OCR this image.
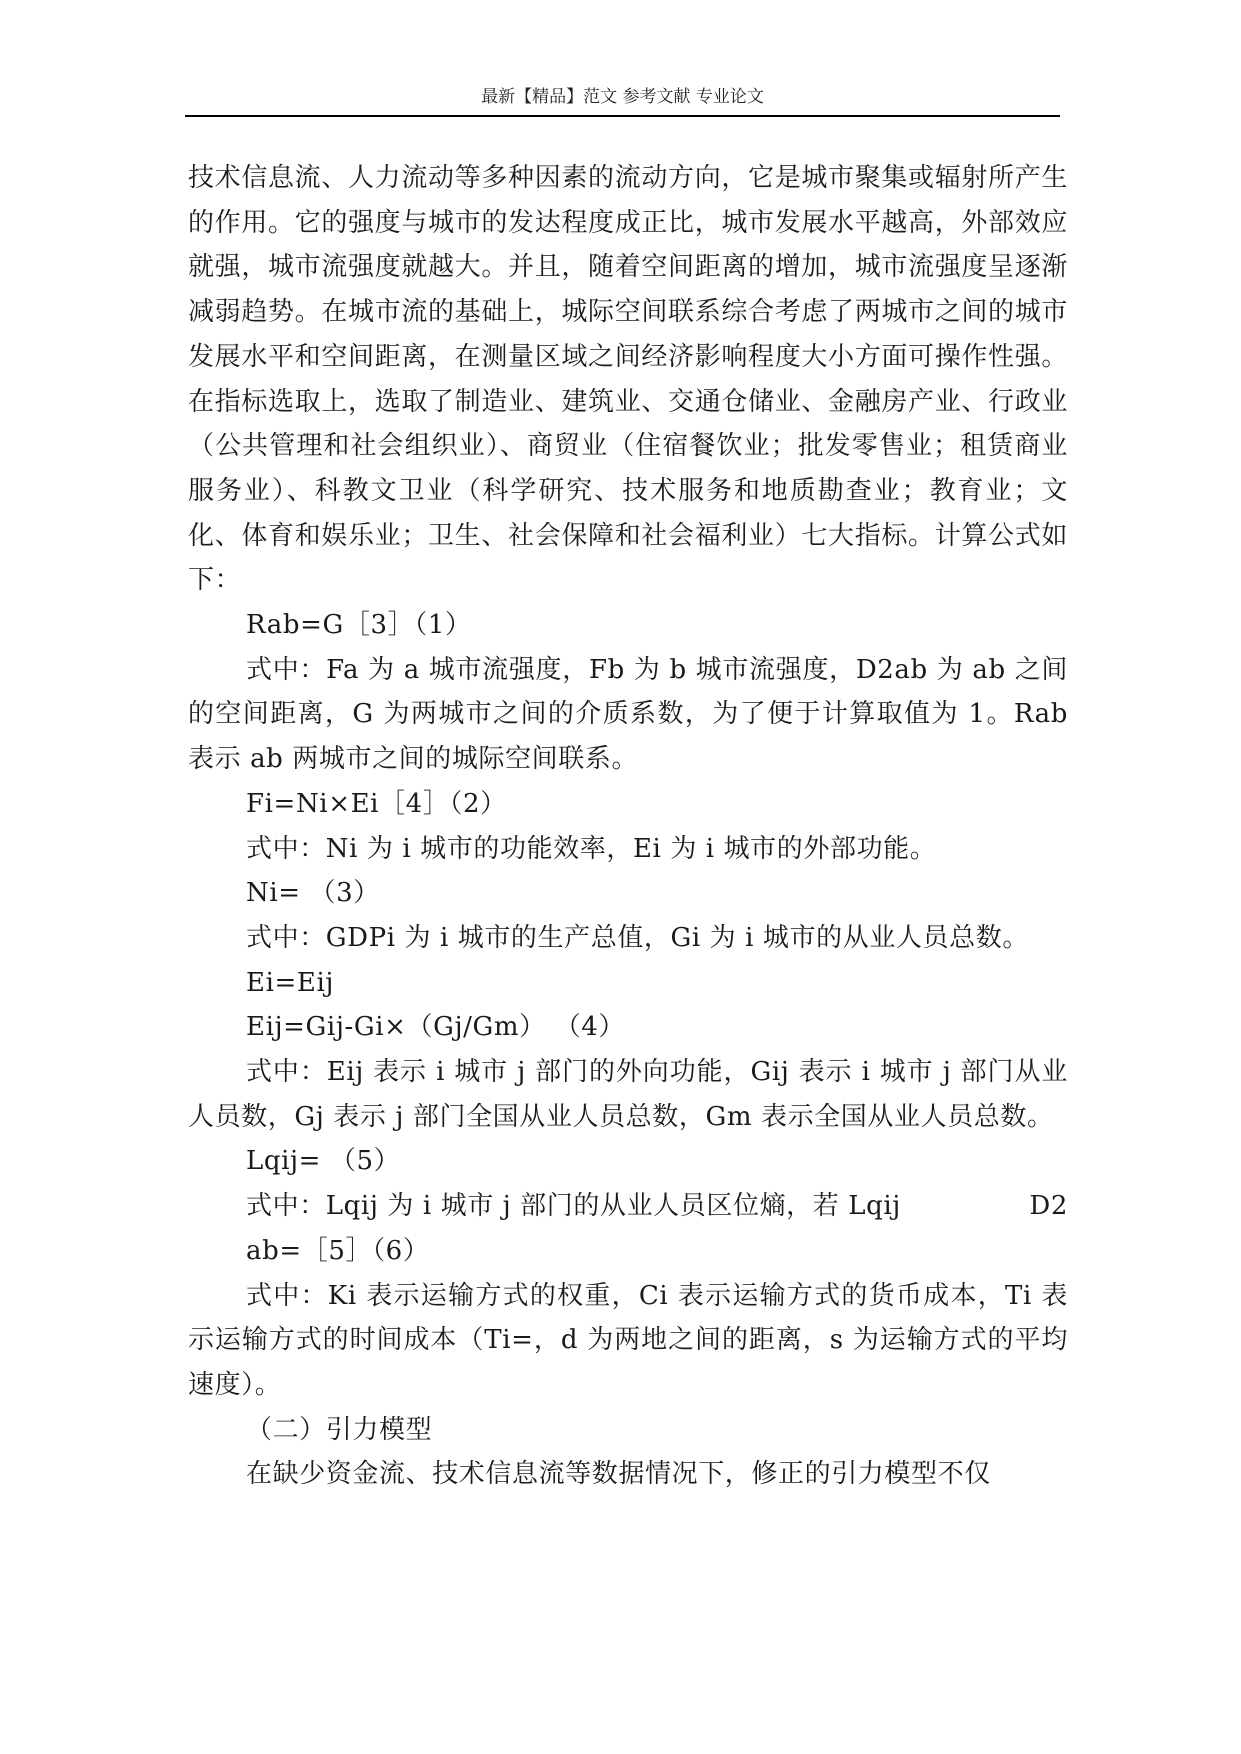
最新【精品】范文 参考文献 专业论文

技术信息流、人力流动等多种因素的流动方向，它是城市聚集或辐射所产生的作用。它的强度与城市的发达程度成正比，城市发展水平越高，外部效应就强，城市流强度就越大。并且，随着空间距离的增加，城市流强度呈逐渐减弱趋势。在城市流的基础上，城际空间联系综合考虑了两城市之间的城市发展水平和空间距离，在测量区域之间经济影响程度大小方面可操作性强。在指标选取上，选取了制造业、建筑业、交通仓储业、金融房产业、行政业（公共管理和社会组织业）、商贸业（住宿餐饮业；批发零售业；租赁商业服务业）、科教文卫业（科学研究、技术服务和地质勘查业；教育业；文化、体育和娱乐业；卫生、社会保障和社会福利业）七大指标。计算公式如下：

Rab=G［3］（1）

式中：Fa 为 a 城市流强度，Fb 为 b 城市流强度，D2ab 为 ab 之间的空间距离，G 为两城市之间的介质系数，为了便于计算取值为 1。Rab 表示 ab 两城市之间的城际空间联系。

Fi=Ni×Ei［4］（2）

式中：Ni 为 i 城市的功能效率，Ei 为 i 城市的外部功能。

Ni= （3）

式中：GDPi 为 i 城市的生产总值，Gi 为 i 城市的从业人员总数。

Ei=Eij

Eij=Gij-Gi×（Gj/Gm） （4）

式中：Eij 表示 i 城市 j 部门的外向功能，Gij 表示 i 城市 j 部门从业人员数，Gj 表示 j 部门全国从业人员总数，Gm 表示全国从业人员总数。

Lqij= （5）

式中：Lqij 为 i 城市 j 部门的从业人员区位熵，若 Lqij	D2

ab=［5］（6）

式中：Ki 表示运输方式的权重，Ci 表示运输方式的货币成本，Ti 表示运输方式的时间成本（Ti=，d 为两地之间的距离，s 为运输方式的平均速度）。

（二）引力模型

在缺少资金流、技术信息流等数据情况下，修正的引力模型不仅
